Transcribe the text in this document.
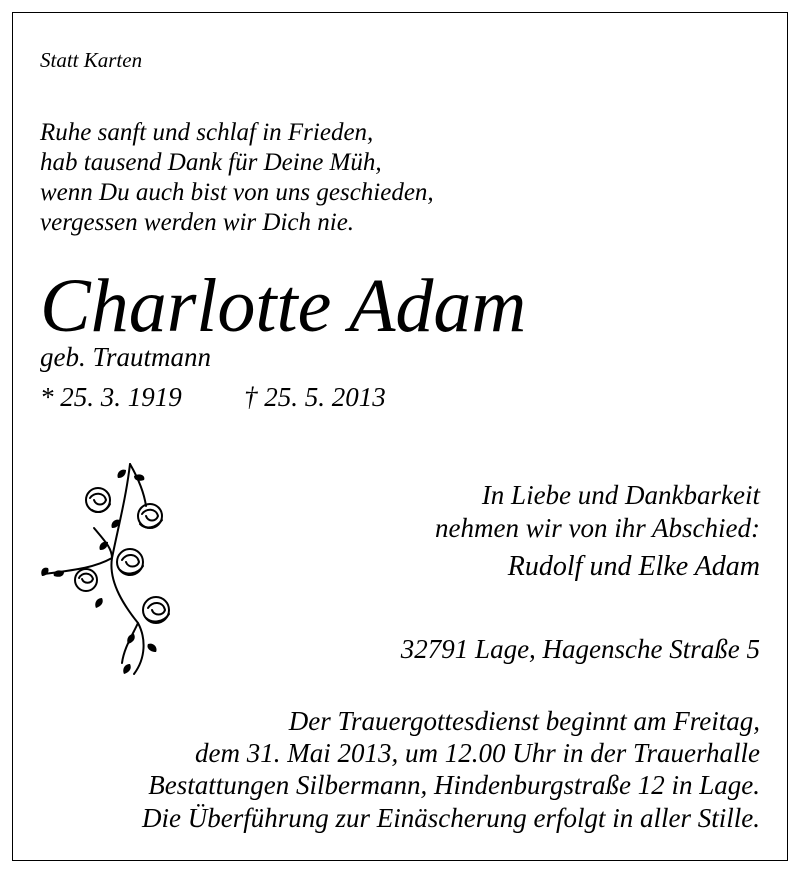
Statt Karten
Ruhe sanft und schlaf in Frieden,
hab tausend Dank für Deine Müh,
wenn Du auch bist von uns geschieden,
vergessen werden wir Dich nie.
Charlotte Adam
geb. Trautmann
* 25. 3. 1919 † 25. 5. 2013
In Liebe und Dankbarkeit
nehmen wir von ihr Abschied:
Rudolf und Elke Adam
32791 Lage, Hagensche Straße 5
Der Trauergottesdienst beginnt am Freitag,
dem 31. Mai 2013, um 12.00 Uhr in der Trauerhalle
Bestattungen Silbermann, Hindenburgstraße 12 in Lage.
Die Überführung zur Einäscherung erfolgt in aller Stille.
